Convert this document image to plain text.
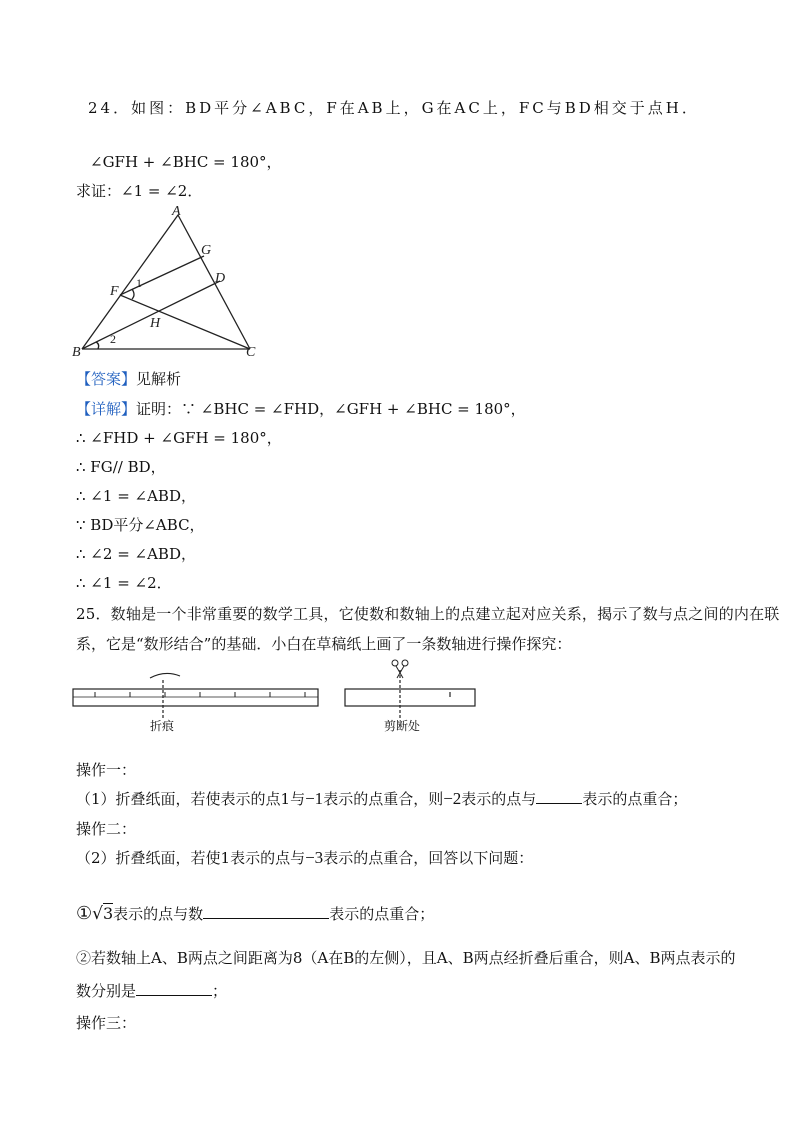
24．如图：BD平分∠ABC，F在AB上，G在AC上，FC与BD相交于点H．
∠GFH + ∠BHC = 180°，
求证：∠1 = ∠2．
A
G
D
F
H
B	C
1
2
【答案】见解析
【详解】证明：∵ ∠BHC = ∠FHD，∠GFH + ∠BHC = 180°，
∴ ∠FHD + ∠GFH = 180°，
∴ FG// BD，
∴ ∠1 = ∠ABD，
∵ BD平分∠ABC，
∴ ∠2 = ∠ABD，
∴ ∠1 = ∠2．
25．数轴是一个非常重要的数学工具，它使数和数轴上的点建立起对应关系，揭示了数与点之间的内在联
系，它是“数形结合”的基础．小白在草稿纸上画了一条数轴进行操作探究：
折痕	剪断处
操作一：
（1）折叠纸面，若使表示的点1与−1表示的点重合，则−2表示的点与	表示的点重合；
操作二：
（2）折叠纸面，若使1表示的点与−3表示的点重合，回答以下问题：
①√3表示的点与数	表示的点重合；
②若数轴上A、B两点之间距离为8（A在B的左侧），且A、B两点经折叠后重合，则A、B两点表示的
数分别是	；
操作三：
